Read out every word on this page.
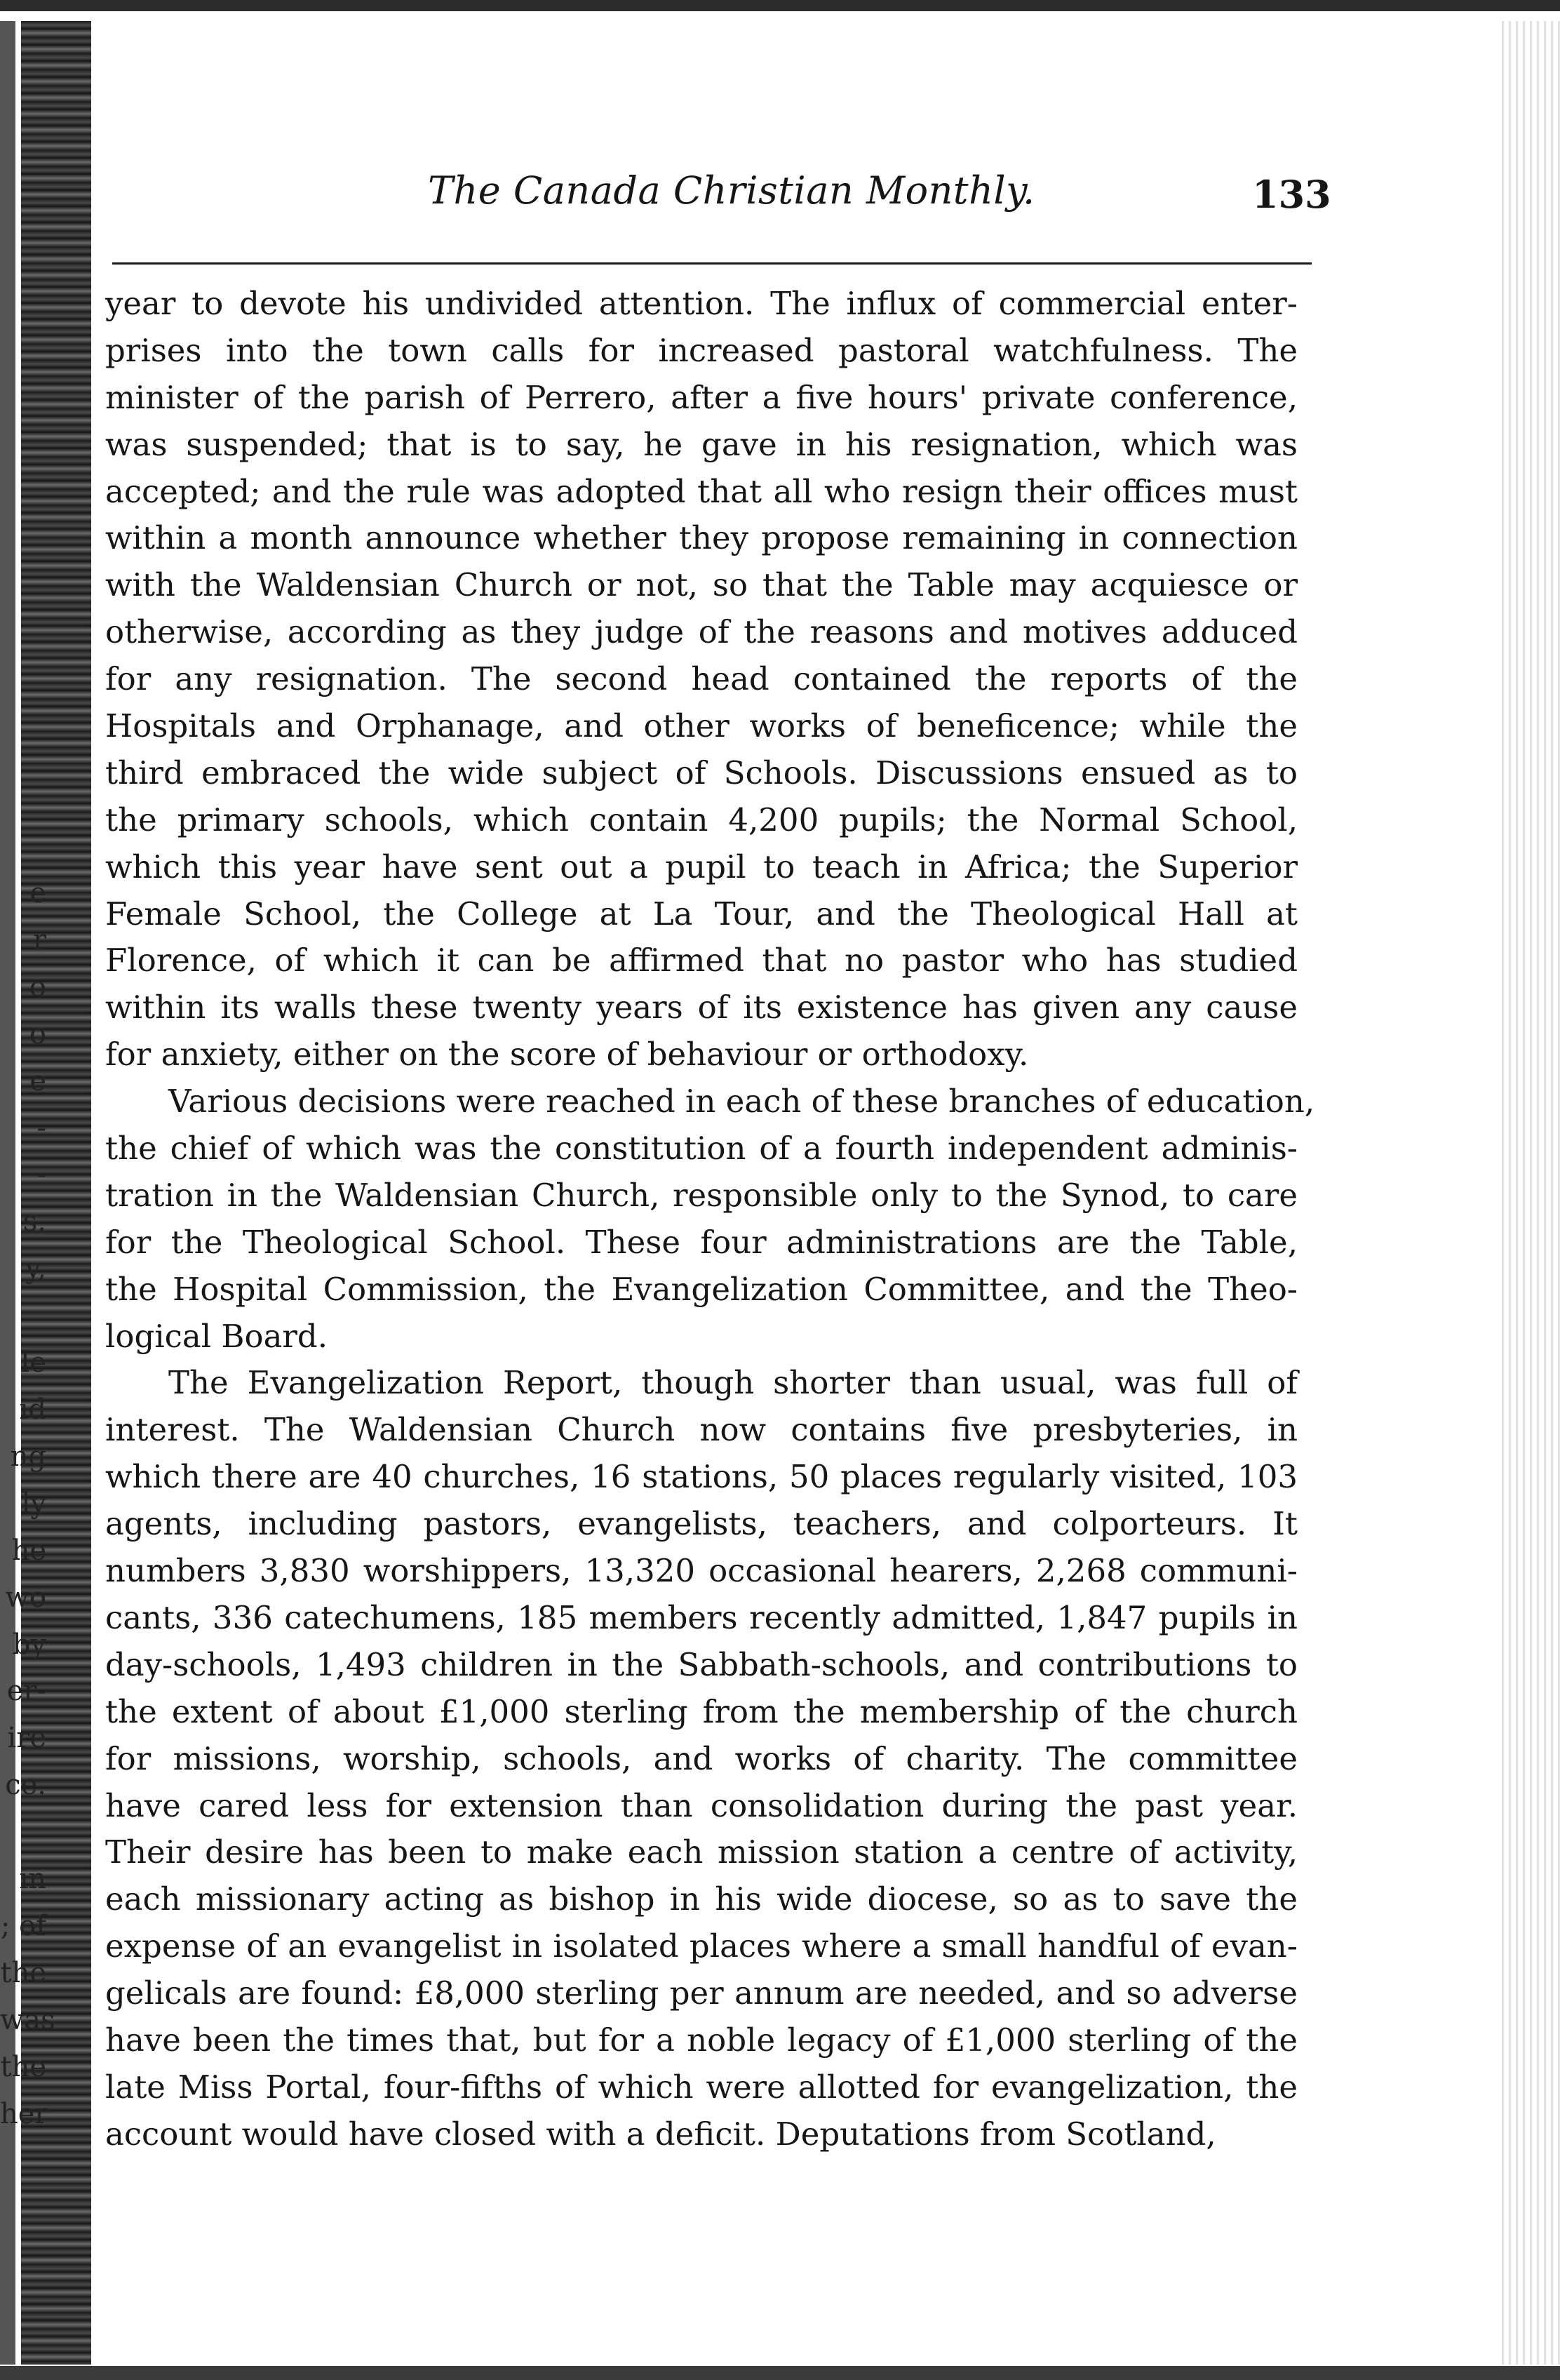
e
r
o
o
e
-
-
s.
y,

le
id
ng
ly
he
wo
by
er-
ire
ce.

in
; of
the
was
the
her
The Canada Christian Monthly.	133
year to devote his undivided attention. The influx of commercial enter-
prises into the town calls for increased pastoral watchfulness. The
minister of the parish of Perrero, after a five hours' private conference,
was suspended; that is to say, he gave in his resignation, which was
accepted; and the rule was adopted that all who resign their offices must
within a month announce whether they propose remaining in connection
with the Waldensian Church or not, so that the Table may acquiesce or
otherwise, according as they judge of the reasons and motives adduced
for any resignation. The second head contained the reports of the
Hospitals and Orphanage, and other works of beneficence; while the
third embraced the wide subject of Schools. Discussions ensued as to
the primary schools, which contain 4,200 pupils; the Normal School,
which this year have sent out a pupil to teach in Africa; the Superior
Female School, the College at La Tour, and the Theological Hall at
Florence, of which it can be affirmed that no pastor who has studied
within its walls these twenty years of its existence has given any cause
for anxiety, either on the score of behaviour or orthodoxy.
Various decisions were reached in each of these branches of education,
the chief of which was the constitution of a fourth independent adminis-
tration in the Waldensian Church, responsible only to the Synod, to care
for the Theological School. These four administrations are the Table,
the Hospital Commission, the Evangelization Committee, and the Theo-
logical Board.
The Evangelization Report, though shorter than usual, was full of
interest. The Waldensian Church now contains five presbyteries, in
which there are 40 churches, 16 stations, 50 places regularly visited, 103
agents, including pastors, evangelists, teachers, and colporteurs. It
numbers 3,830 worshippers, 13,320 occasional hearers, 2,268 communi-
cants, 336 catechumens, 185 members recently admitted, 1,847 pupils in
day-schools, 1,493 children in the Sabbath-schools, and contributions to
the extent of about £1,000 sterling from the membership of the church
for missions, worship, schools, and works of charity. The committee
have cared less for extension than consolidation during the past year.
Their desire has been to make each mission station a centre of activity,
each missionary acting as bishop in his wide diocese, so as to save the
expense of an evangelist in isolated places where a small handful of evan-
gelicals are found: £8,000 sterling per annum are needed, and so adverse
have been the times that, but for a noble legacy of £1,000 sterling of the
late Miss Portal, four-fifths of which were allotted for evangelization, the
account would have closed with a deficit. Deputations from Scotland,
